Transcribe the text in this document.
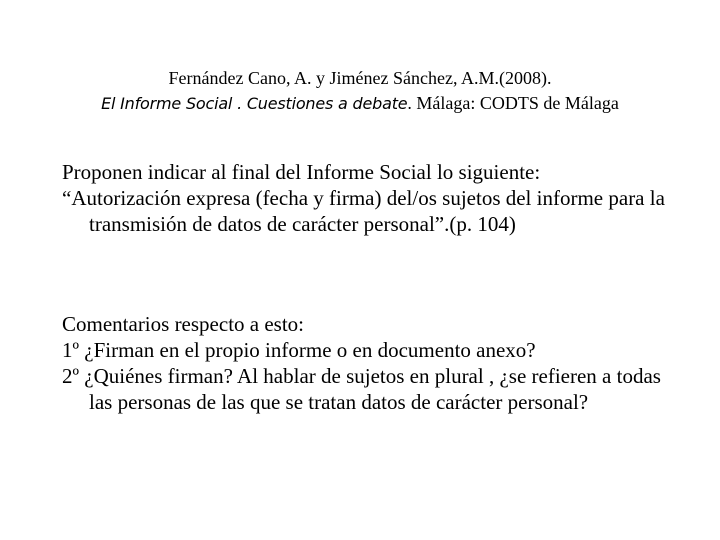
Fernández Cano, A. y Jiménez Sánchez, A.M.(2008).
El Informe Social . Cuestiones a debate. Málaga: CODTS de Málaga

Proponen indicar al final del Informe Social lo siguiente:

“Autorización expresa (fecha y firma) del/os sujetos del informe para la transmisión de datos de carácter personal”.(p. 104)

Comentarios respecto a esto:

1º ¿Firman en el propio informe o en documento anexo?

2º ¿Quiénes firman? Al hablar de sujetos en plural , ¿se refieren a todas las personas de las que se tratan datos de carácter personal?
